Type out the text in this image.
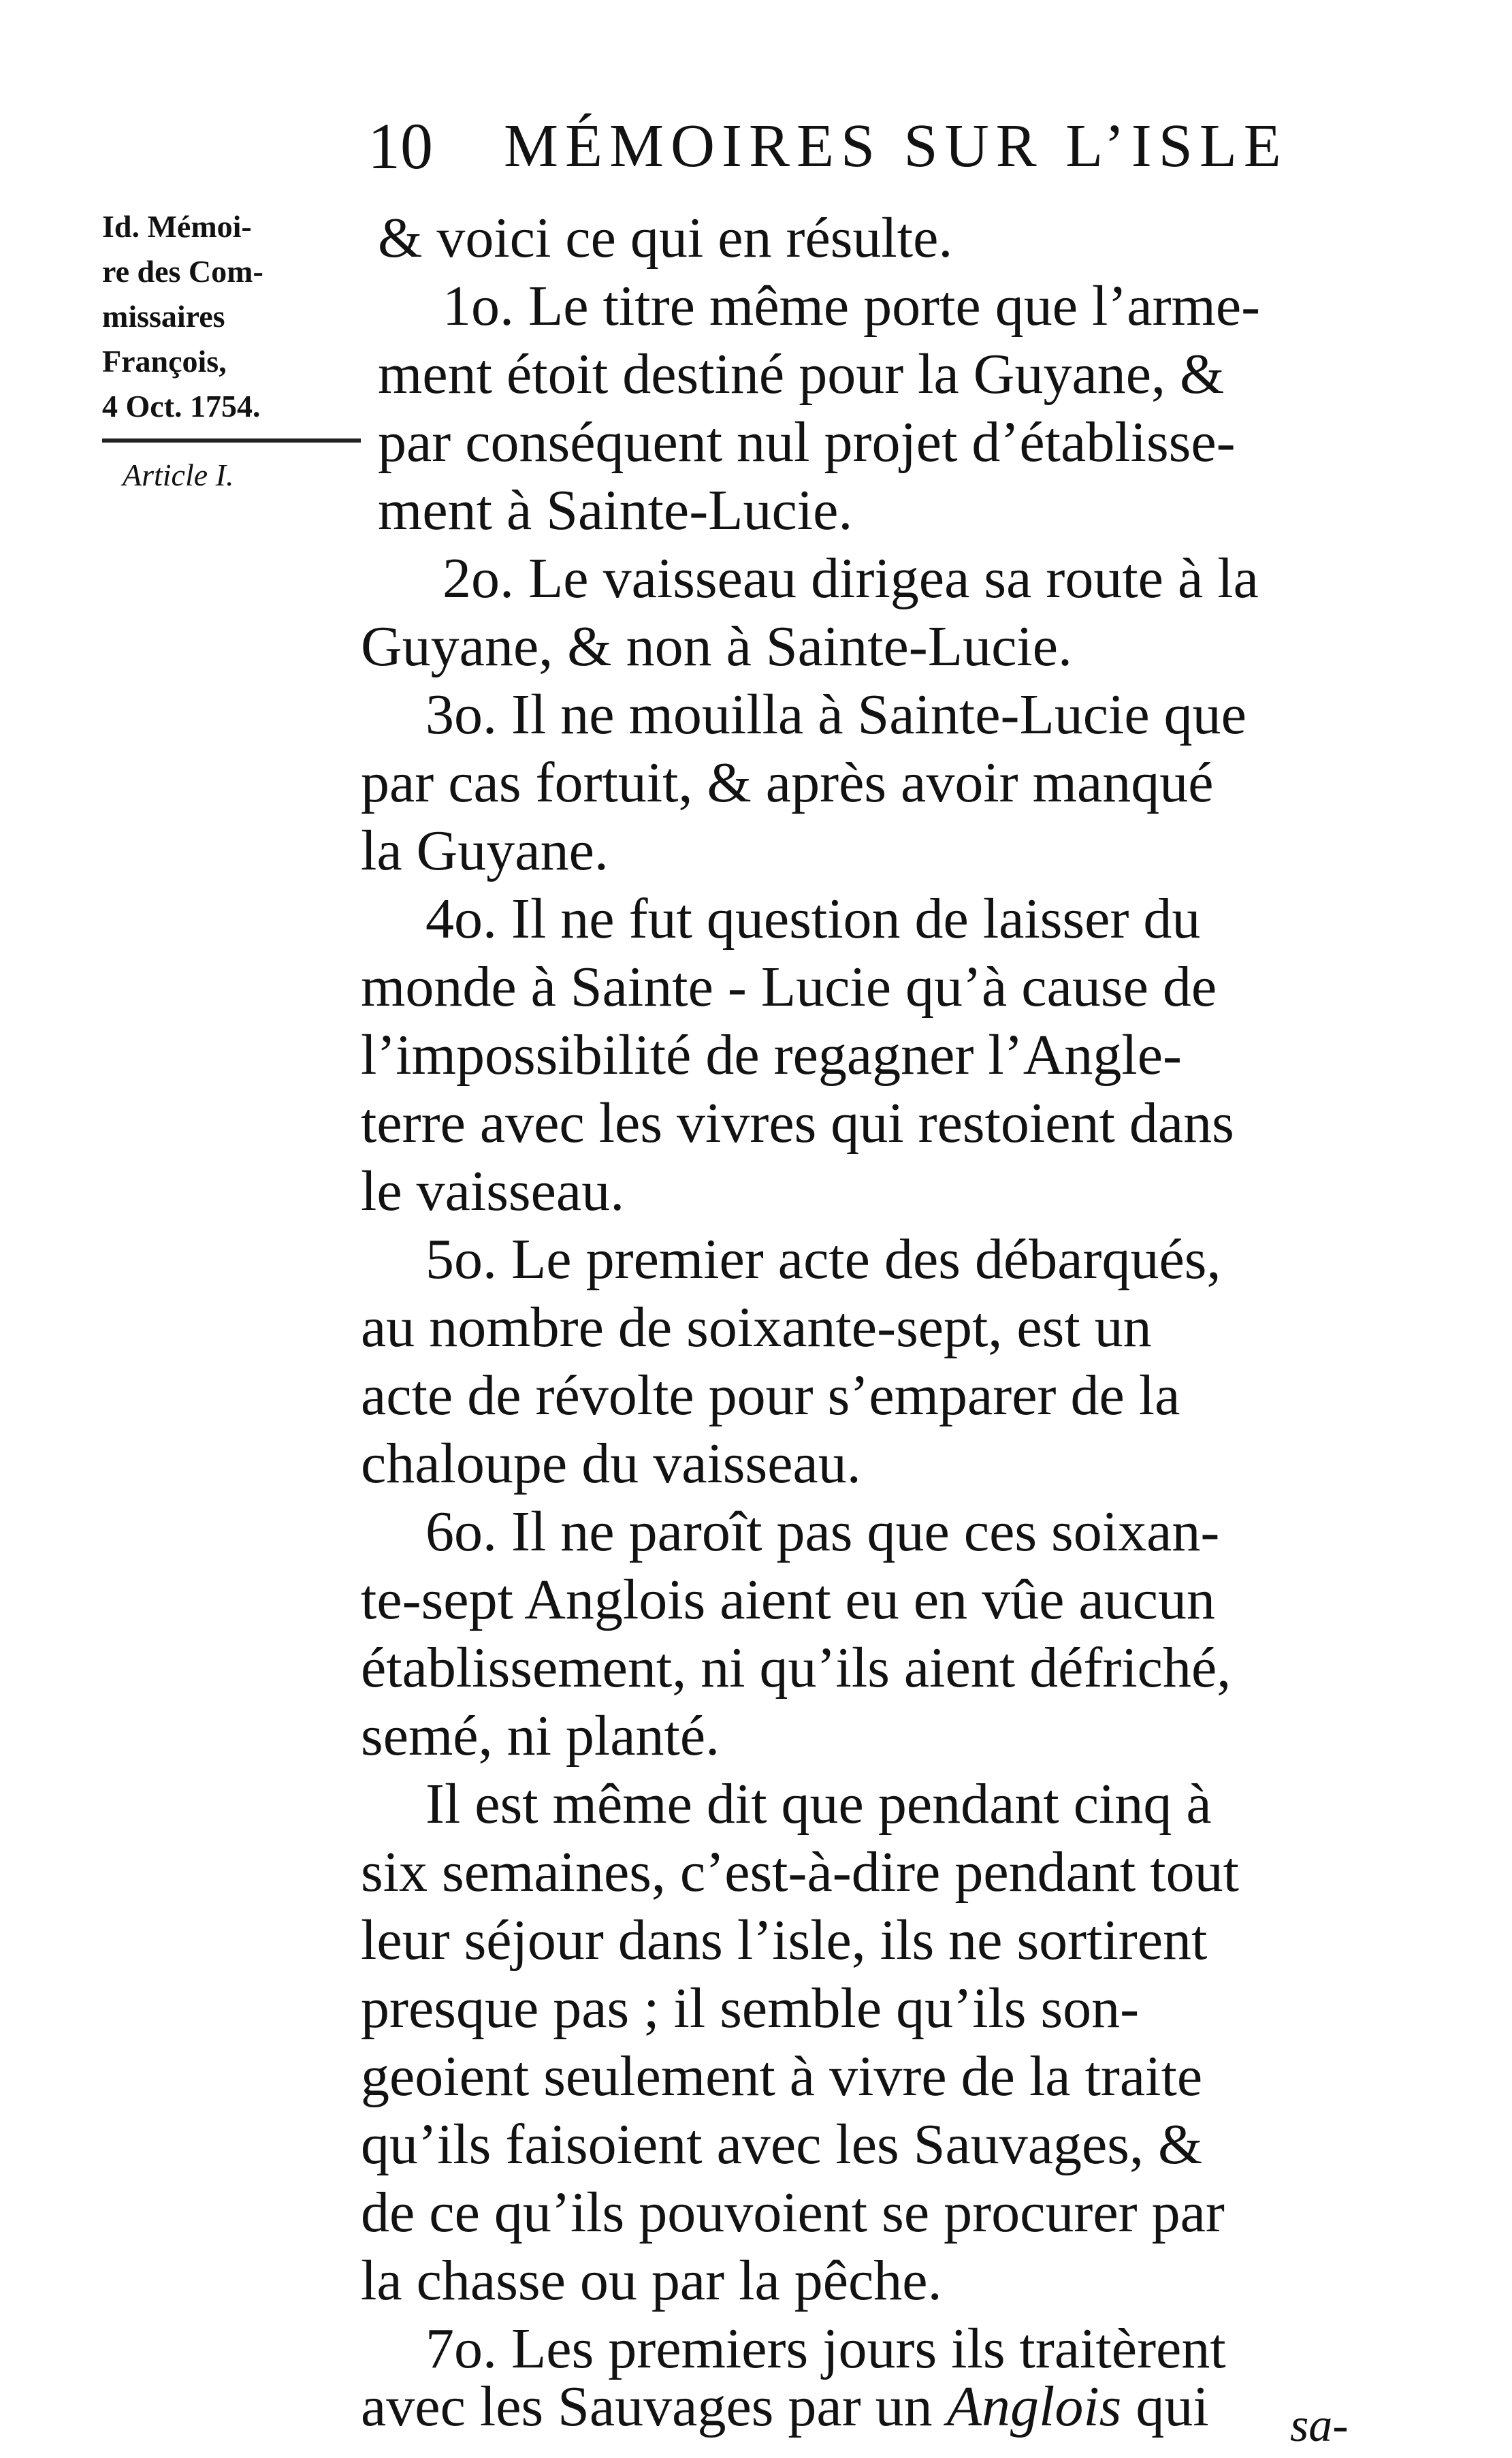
10 MÉMOIRES SUR L’ISLE
Id. Mémoi-
re des Com-
missaires
François,
4 Oct. 1754.
Article I.
& voici ce qui en résulte.
1o. Le titre même porte que l’arme-
ment étoit destiné pour la Guyane, &
par conséquent nul projet d’établisse-
ment à Sainte-Lucie.
2o. Le vaisseau dirigea sa route à la
Guyane, & non à Sainte-Lucie.
3o. Il ne mouilla à Sainte-Lucie que
par cas fortuit, & après avoir manqué
la Guyane.
4o. Il ne fut question de laisser du
monde à Sainte - Lucie qu’à cause de
l’impossibilité de regagner l’Angle-
terre avec les vivres qui restoient dans
le vaisseau.
5o. Le premier acte des débarqués,
au nombre de soixante-sept, est un
acte de révolte pour s’emparer de la
chaloupe du vaisseau.
6o. Il ne paroît pas que ces soixan-
te-sept Anglois aient eu en vûe aucun
établissement, ni qu’ils aient défriché,
semé, ni planté.
Il est même dit que pendant cinq à
six semaines, c’est-à-dire pendant tout
leur séjour dans l’isle, ils ne sortirent
presque pas ; il semble qu’ils son-
geoient seulement à vivre de la traite
qu’ils faisoient avec les Sauvages, &
de ce qu’ils pouvoient se procurer par
la chasse ou par la pêche.
7o. Les premiers jours ils traitèrent
avec les Sauvages par un Anglois qui sa-
